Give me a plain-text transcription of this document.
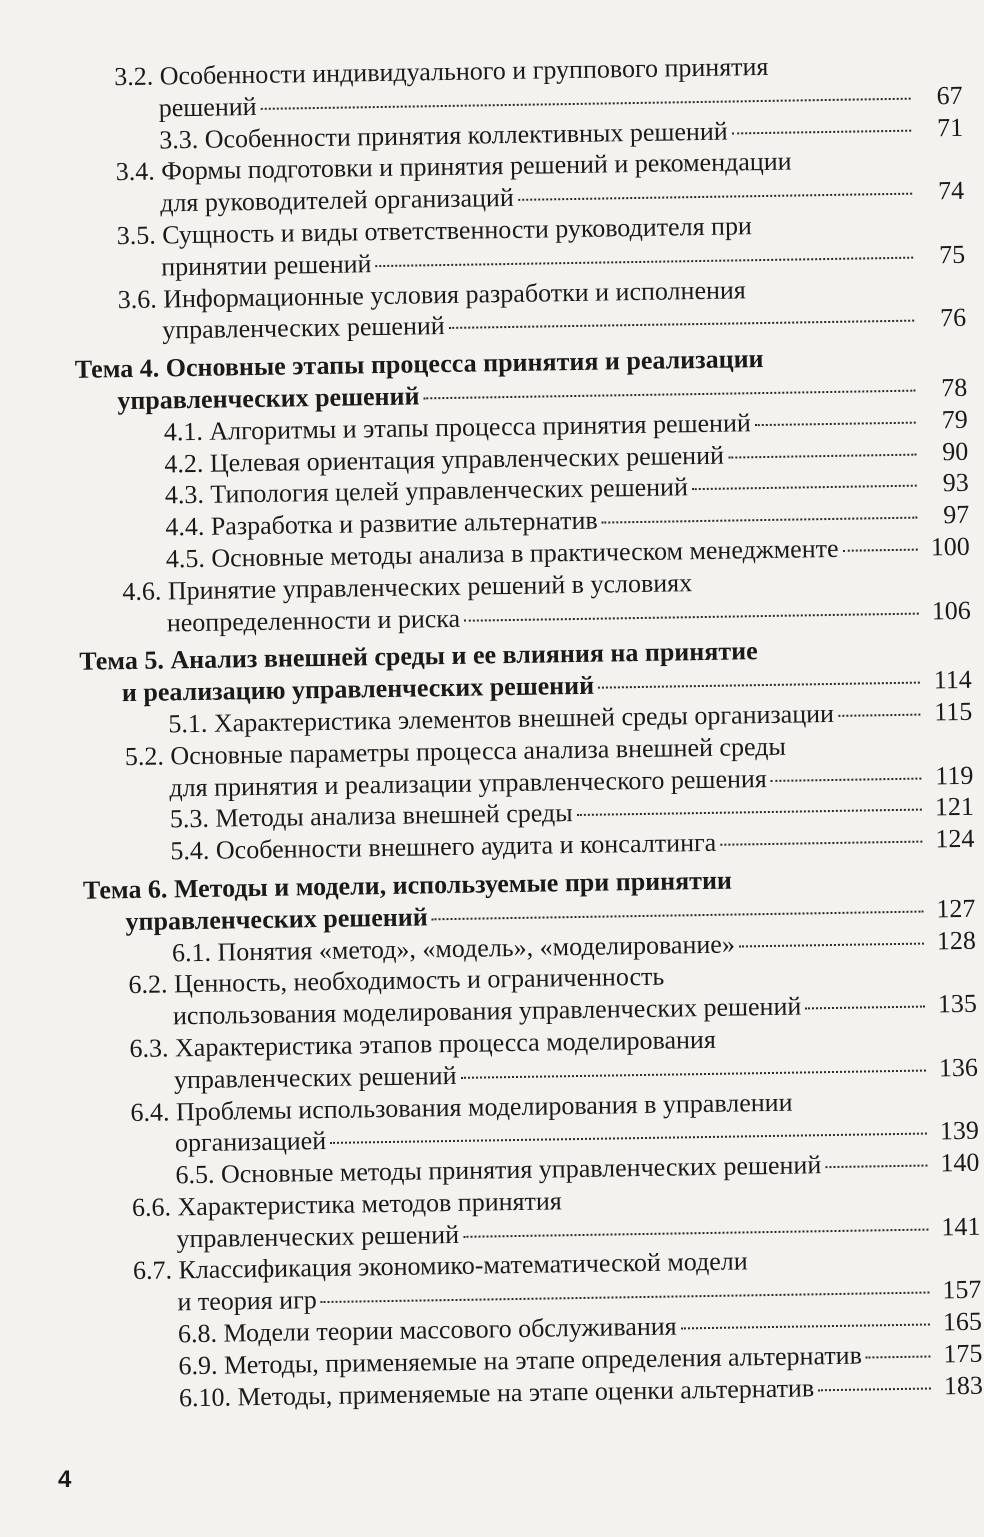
3.2. Особенности индивидуального и группового принятия
решений	67
3.3. Особенности принятия коллективных решений	71
3.4. Формы подготовки и принятия решений и рекомендации
для руководителей организаций	74
3.5. Сущность и виды ответственности руководителя при
принятии решений	75
3.6. Информационные условия разработки и исполнения
управленческих решений	76
Тема 4. Основные этапы процесса принятия и реализации
управленческих решений	78
4.1. Алгоритмы и этапы процесса принятия решений	79
4.2. Целевая ориентация управленческих решений	90
4.3. Типология целей управленческих решений	93
4.4. Разработка и развитие альтернатив	97
4.5. Основные методы анализа в практическом менеджменте	100
4.6. Принятие управленческих решений в условиях
неопределенности и риска	106
Тема 5. Анализ внешней среды и ее влияния на принятие
и реализацию управленческих решений	114
5.1. Характеристика элементов внешней среды организации	115
5.2. Основные параметры процесса анализа внешней среды
для принятия и реализации управленческого решения	119
5.3. Методы анализа внешней среды	121
5.4. Особенности внешнего аудита и консалтинга	124
Тема 6. Методы и модели, используемые при принятии
управленческих решений	127
6.1. Понятия «метод», «модель», «моделирование»	128
6.2. Ценность, необходимость и ограниченность
использования моделирования управленческих решений	135
6.3. Характеристика этапов процесса моделирования
управленческих решений	136
6.4. Проблемы использования моделирования в управлении
организацией	139
6.5. Основные методы принятия управленческих решений	140
6.6. Характеристика методов принятия
управленческих решений	141
6.7. Классификация экономико-математической модели
и теория игр	157
6.8. Модели теории массового обслуживания	165
6.9. Методы, применяемые на этапе определения альтернатив	175
6.10. Методы, применяемые на этапе оценки альтернатив	183
4
